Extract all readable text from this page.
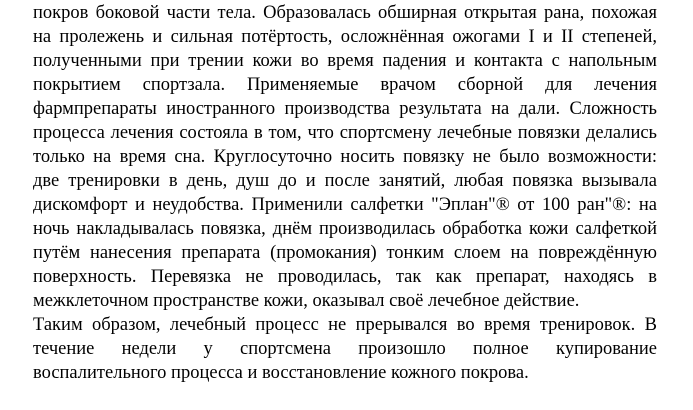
покров боковой части тела. Образовалась обширная открытая рана, похожая
на пролежень и сильная потёртость, осложнённая ожогами I и II степеней,
полученными при трении кожи во время падения и контакта с напольным
покрытием спортзала. Применяемые врачом сборной для лечения
фармпрепараты иностранного производства результата на дали. Сложность
процесса лечения состояла в том, что спортсмену лечебные повязки делались
только на время сна. Круглосуточно носить повязку не было возможности:
две тренировки в день, душ до и после занятий, любая повязка вызывала
дискомфорт и неудобства. Применили салфетки "Эплан"® от 100 ран"®: на
ночь накладывалась повязка, днём производилась обработка кожи салфеткой
путём нанесения препарата (промокания) тонким слоем на повреждённую
поверхность. Перевязка не проводилась, так как препарат, находясь в
межклеточном пространстве кожи, оказывал своё лечебное действие.
Таким образом, лечебный процесс не прерывался во время тренировок. В
течение недели у спортсмена произошло полное купирование
воспалительного процесса и восстановление кожного покрова.
